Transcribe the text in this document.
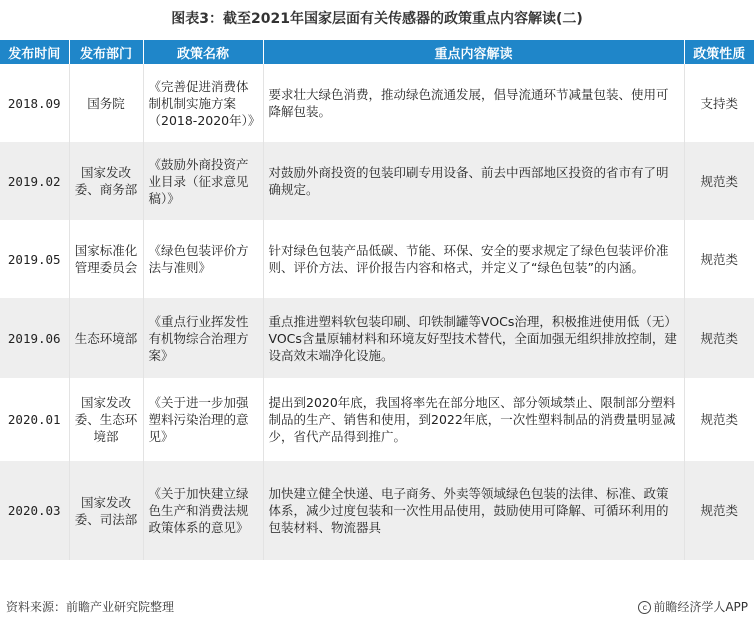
图表3：截至2021年国家层面有关传感器的政策重点内容解读(二)
发布时间	发布部门	政策名称	重点内容解读	政策性质
2018.09	国务院	《完善促进消费体制机制实施方案（2018-2020年）》	要求壮大绿色消费，推动绿色流通发展，倡导流通环节减量包装、使用可降解包装。	支持类
2019.02	国家发改委、商务部	《鼓励外商投资产业目录（征求意见稿）》	对鼓励外商投资的包装印刷专用设备、前去中西部地区投资的省市有了明确规定。	规范类
2019.05	国家标准化管理委员会	《绿色包装评价方法与准则》	针对绿色包装产品低碳、节能、环保、安全的要求规定了绿色包装评价准则、评价方法、评价报告内容和格式，并定义了“绿色包装”的内涵。	规范类
2019.06	生态环境部	《重点行业挥发性有机物综合治理方案》	重点推进塑料软包装印刷、印铁制罐等VOCs治理，积极推进使用低（无）VOCs含量原辅材料和环境友好型技术替代，全面加强无组织排放控制，建设高效末端净化设施。	规范类
2020.01	国家发改委、生态环境部	《关于进一步加强塑料污染治理的意见》	提出到2020年底，我国将率先在部分地区、部分领域禁止、限制部分塑料制品的生产、销售和使用，到2022年底，一次性塑料制品的消费量明显减少，省代产品得到推广。	规范类
2020.03	国家发改委、司法部	《关于加快建立绿色生产和消费法规政策体系的意见》	加快建立健全快递、电子商务、外卖等领域绿色包装的法律、标准、政策体系，减少过度包装和一次性用品使用，鼓励使用可降解、可循环利用的包装材料、物流器具	规范类
资料来源：前瞻产业研究院整理	c 前瞻经济学人APP
